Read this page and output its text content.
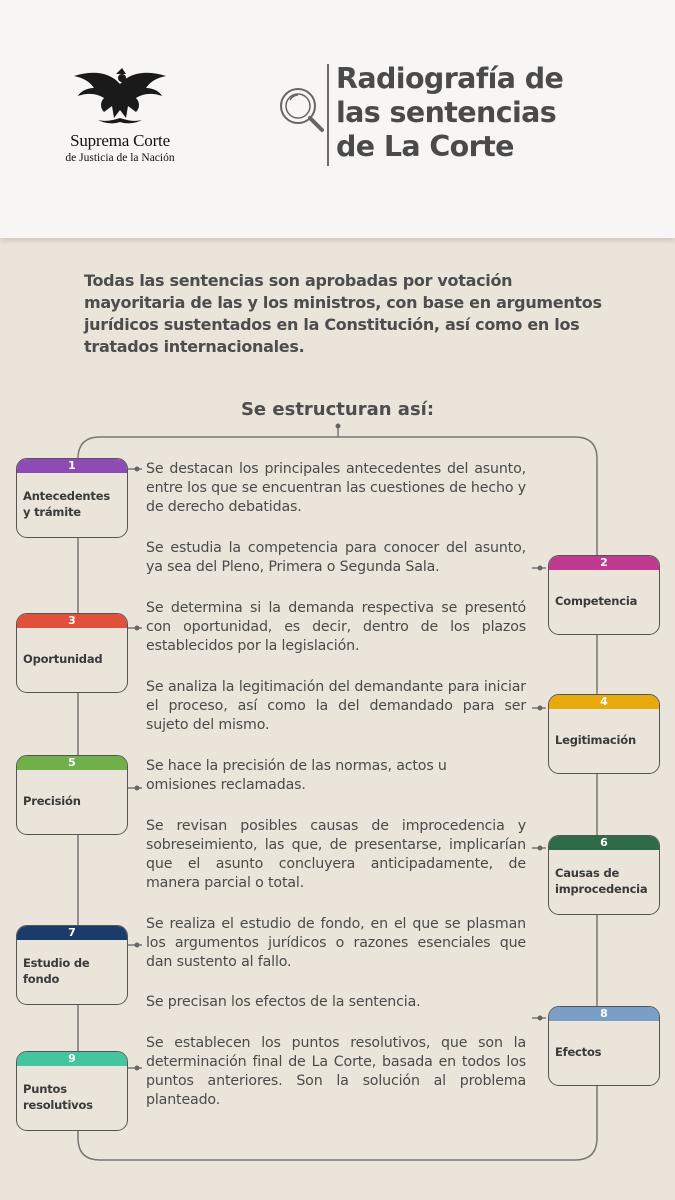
Suprema Corte
de Justicia de la Nación
Radiografía de
las sentencias
de La Corte
Todas las sentencias son aprobadas por votación mayoritaria de las y los ministros, con base en argumentos jurídicos sustentados en la Constitución, así como en los tratados internacionales.
Se estructuran así:
1
Antecedentes y trámite
2
Competencia
3
Oportunidad
4
Legitimación
5
Precisión
6
Causas de improcedencia
7
Estudio de fondo
8
Efectos
9
Puntos resolutivos
Se destacan los principales antecedentes del asunto, entre los que se encuentran las cuestiones de hecho y de derecho debatidas.
Se estudia la competencia para conocer del asunto, ya sea del Pleno, Primera o Segunda Sala.
Se determina si la demanda respectiva se presentó con oportunidad, es decir, dentro de los plazos establecidos por la legislación.
Se analiza la legitimación del demandante para iniciar el proceso, así como la del demandado para ser sujeto del mismo.
Se hace la precisión de las normas, actos u omisiones reclamadas.
Se revisan posibles causas de improcedencia y sobreseimiento, las que, de presentarse, implicarían que el asunto concluyera anticipadamente, de manera parcial o total.
Se realiza el estudio de fondo, en el que se plasman los argumentos jurídicos o razones esenciales que dan sustento al fallo.
Se precisan los efectos de la sentencia.
Se establecen los puntos resolutivos, que son la determinación final de La Corte, basada en todos los puntos anteriores. Son la solución al problema planteado.
